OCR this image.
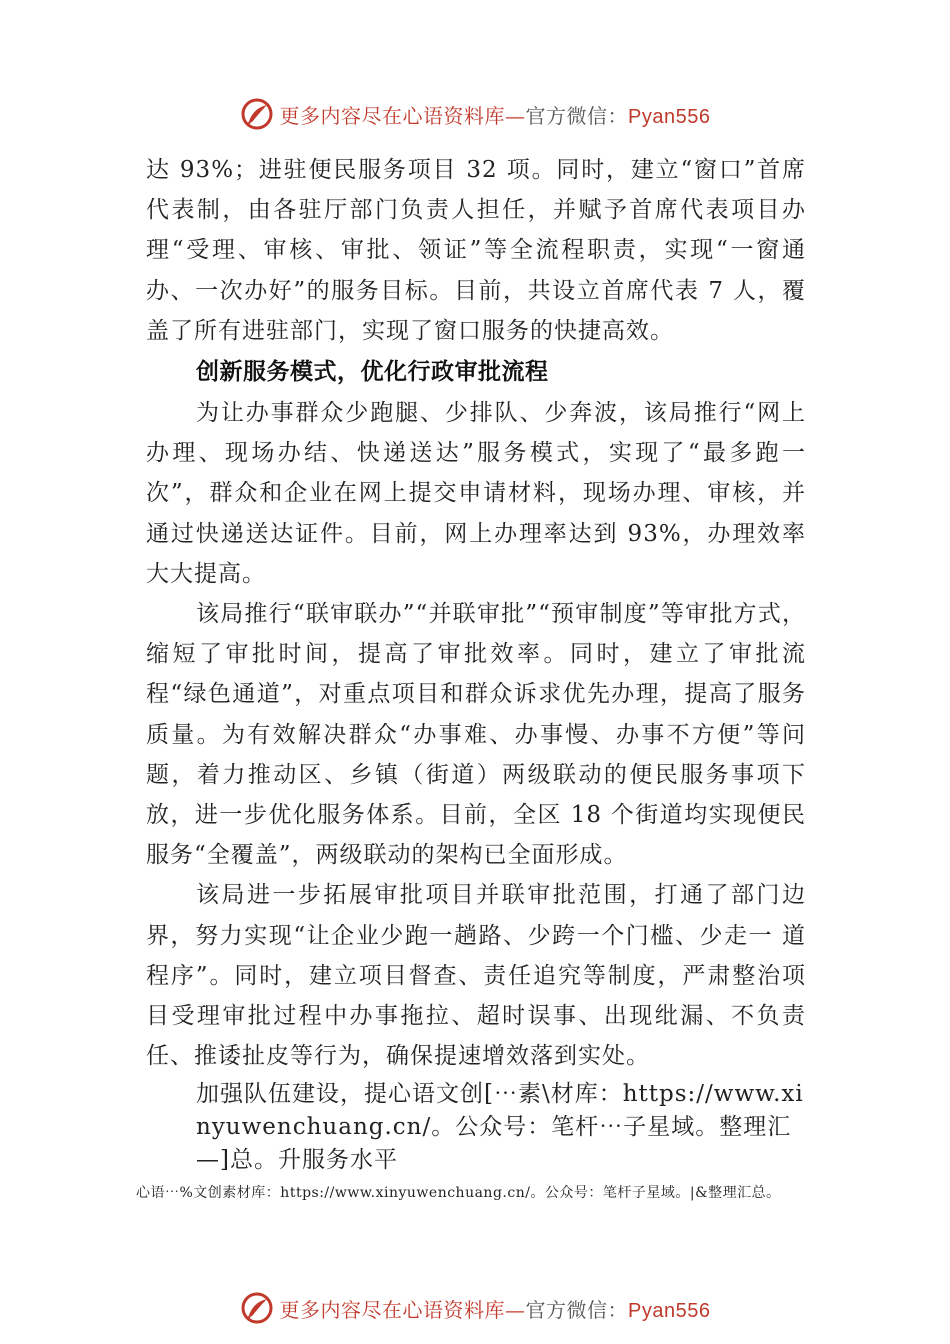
更多内容尽在心语资料库—官方微信：Pyan556

达 93%；进驻便民服务项目 32 项。同时，建立“窗口”首席代表制，由各驻厅部门负责人担任，并赋予首席代表项目办理“受理、审核、审批、领证”等全流程职责，实现“一窗通办、一次办好”的服务目标。目前，共设立首席代表 7 人，覆盖了所有进驻部门，实现了窗口服务的快捷高效。

创新服务模式，优化行政审批流程

为让办事群众少跑腿、少排队、少奔波，该局推行“网上办理、现场办结、快递送达”服务模式，实现了“最多跑一次”，群众和企业在网上提交申请材料，现场办理、审核，并通过快递送达证件。目前，网上办理率达到 93%，办理效率大大提高。

该局推行“联审联办”“并联审批”“预审制度”等审批方式，缩短了审批时间，提高了审批效率。同时，建立了审批流程“绿色通道”，对重点项目和群众诉求优先办理，提高了服务质量。为有效解决群众“办事难、办事慢、办事不方便”等问题，着力推动区、乡镇（街道）两级联动的便民服务事项下放，进一步优化服务体系。目前，全区 18 个街道均实现便民服务“全覆盖”，两级联动的架构已全面形成。

该局进一步拓展审批项目并联审批范围，打通了部门边界，努力实现“让企业少跑一趟路、少跨一个门槛、少走一 道程序”。同时，建立项目督查、责任追究等制度，严肃整治项目受理审批过程中办事拖拉、超时误事、出现纰漏、不负责任、推诿扯皮等行为，确保提速增效落到实处。

加强队伍建设，提心语文创[⋯素\材库：https://www.xinyuwenchuang.cn/。公众号：笔杆⋯子星域。整理汇—]总。升服务水平

心语⋯%文创素材库：https://www.xinyuwenchuang.cn/。公众号：笔杆子星域。|&整理汇总。
更多内容尽在心语资料库—官方微信：Pyan556
